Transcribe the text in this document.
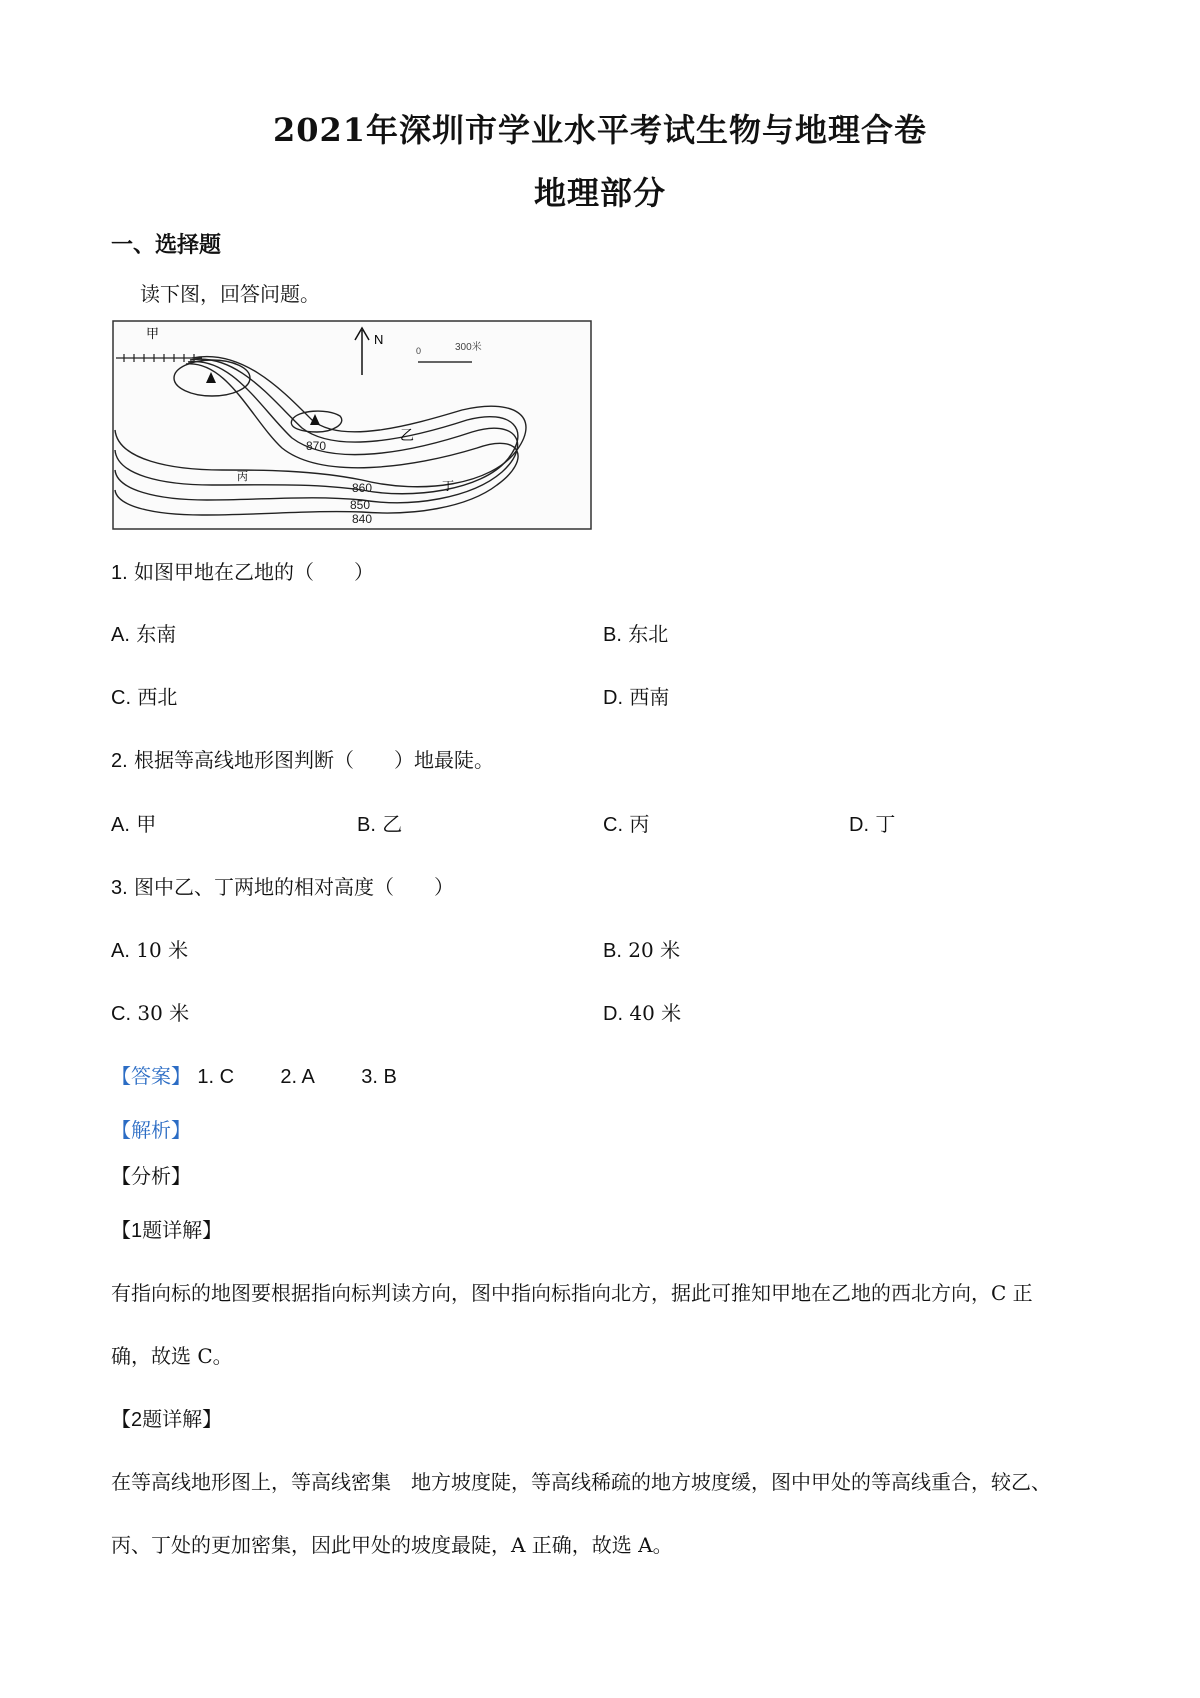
2021年深圳市学业水平考试生物与地理合卷
地理部分
一、选择题
读下图，回答问题。
N
0	300米
甲
乙
丙
丁
870
860
850
840
1. 如图甲地在乙地的（　　）
A. 东南	B. 东北
C. 西北	D. 西南
2. 根据等高线地形图判断（　　）地最陡。
A. 甲	B. 乙	C. 丙	D. 丁
3. 图中乙、丁两地的相对高度（　　）
A. 10 米	B. 20 米
C. 30 米	D. 40 米
【答案】 1. C 2. A 3. B
【解析】
【分析】
【1题详解】
有指向标的地图要根据指向标判读方向，图中指向标指向北方，据此可推知甲地在乙地的西北方向，C 正
确，故选 C。
【2题详解】
在等高线地形图上，等高线密集　地方坡度陡，等高线稀疏的地方坡度缓，图中甲处的等高线重合，较乙、
丙、丁处的更加密集，因此甲处的坡度最陡，A 正确，故选 A。
